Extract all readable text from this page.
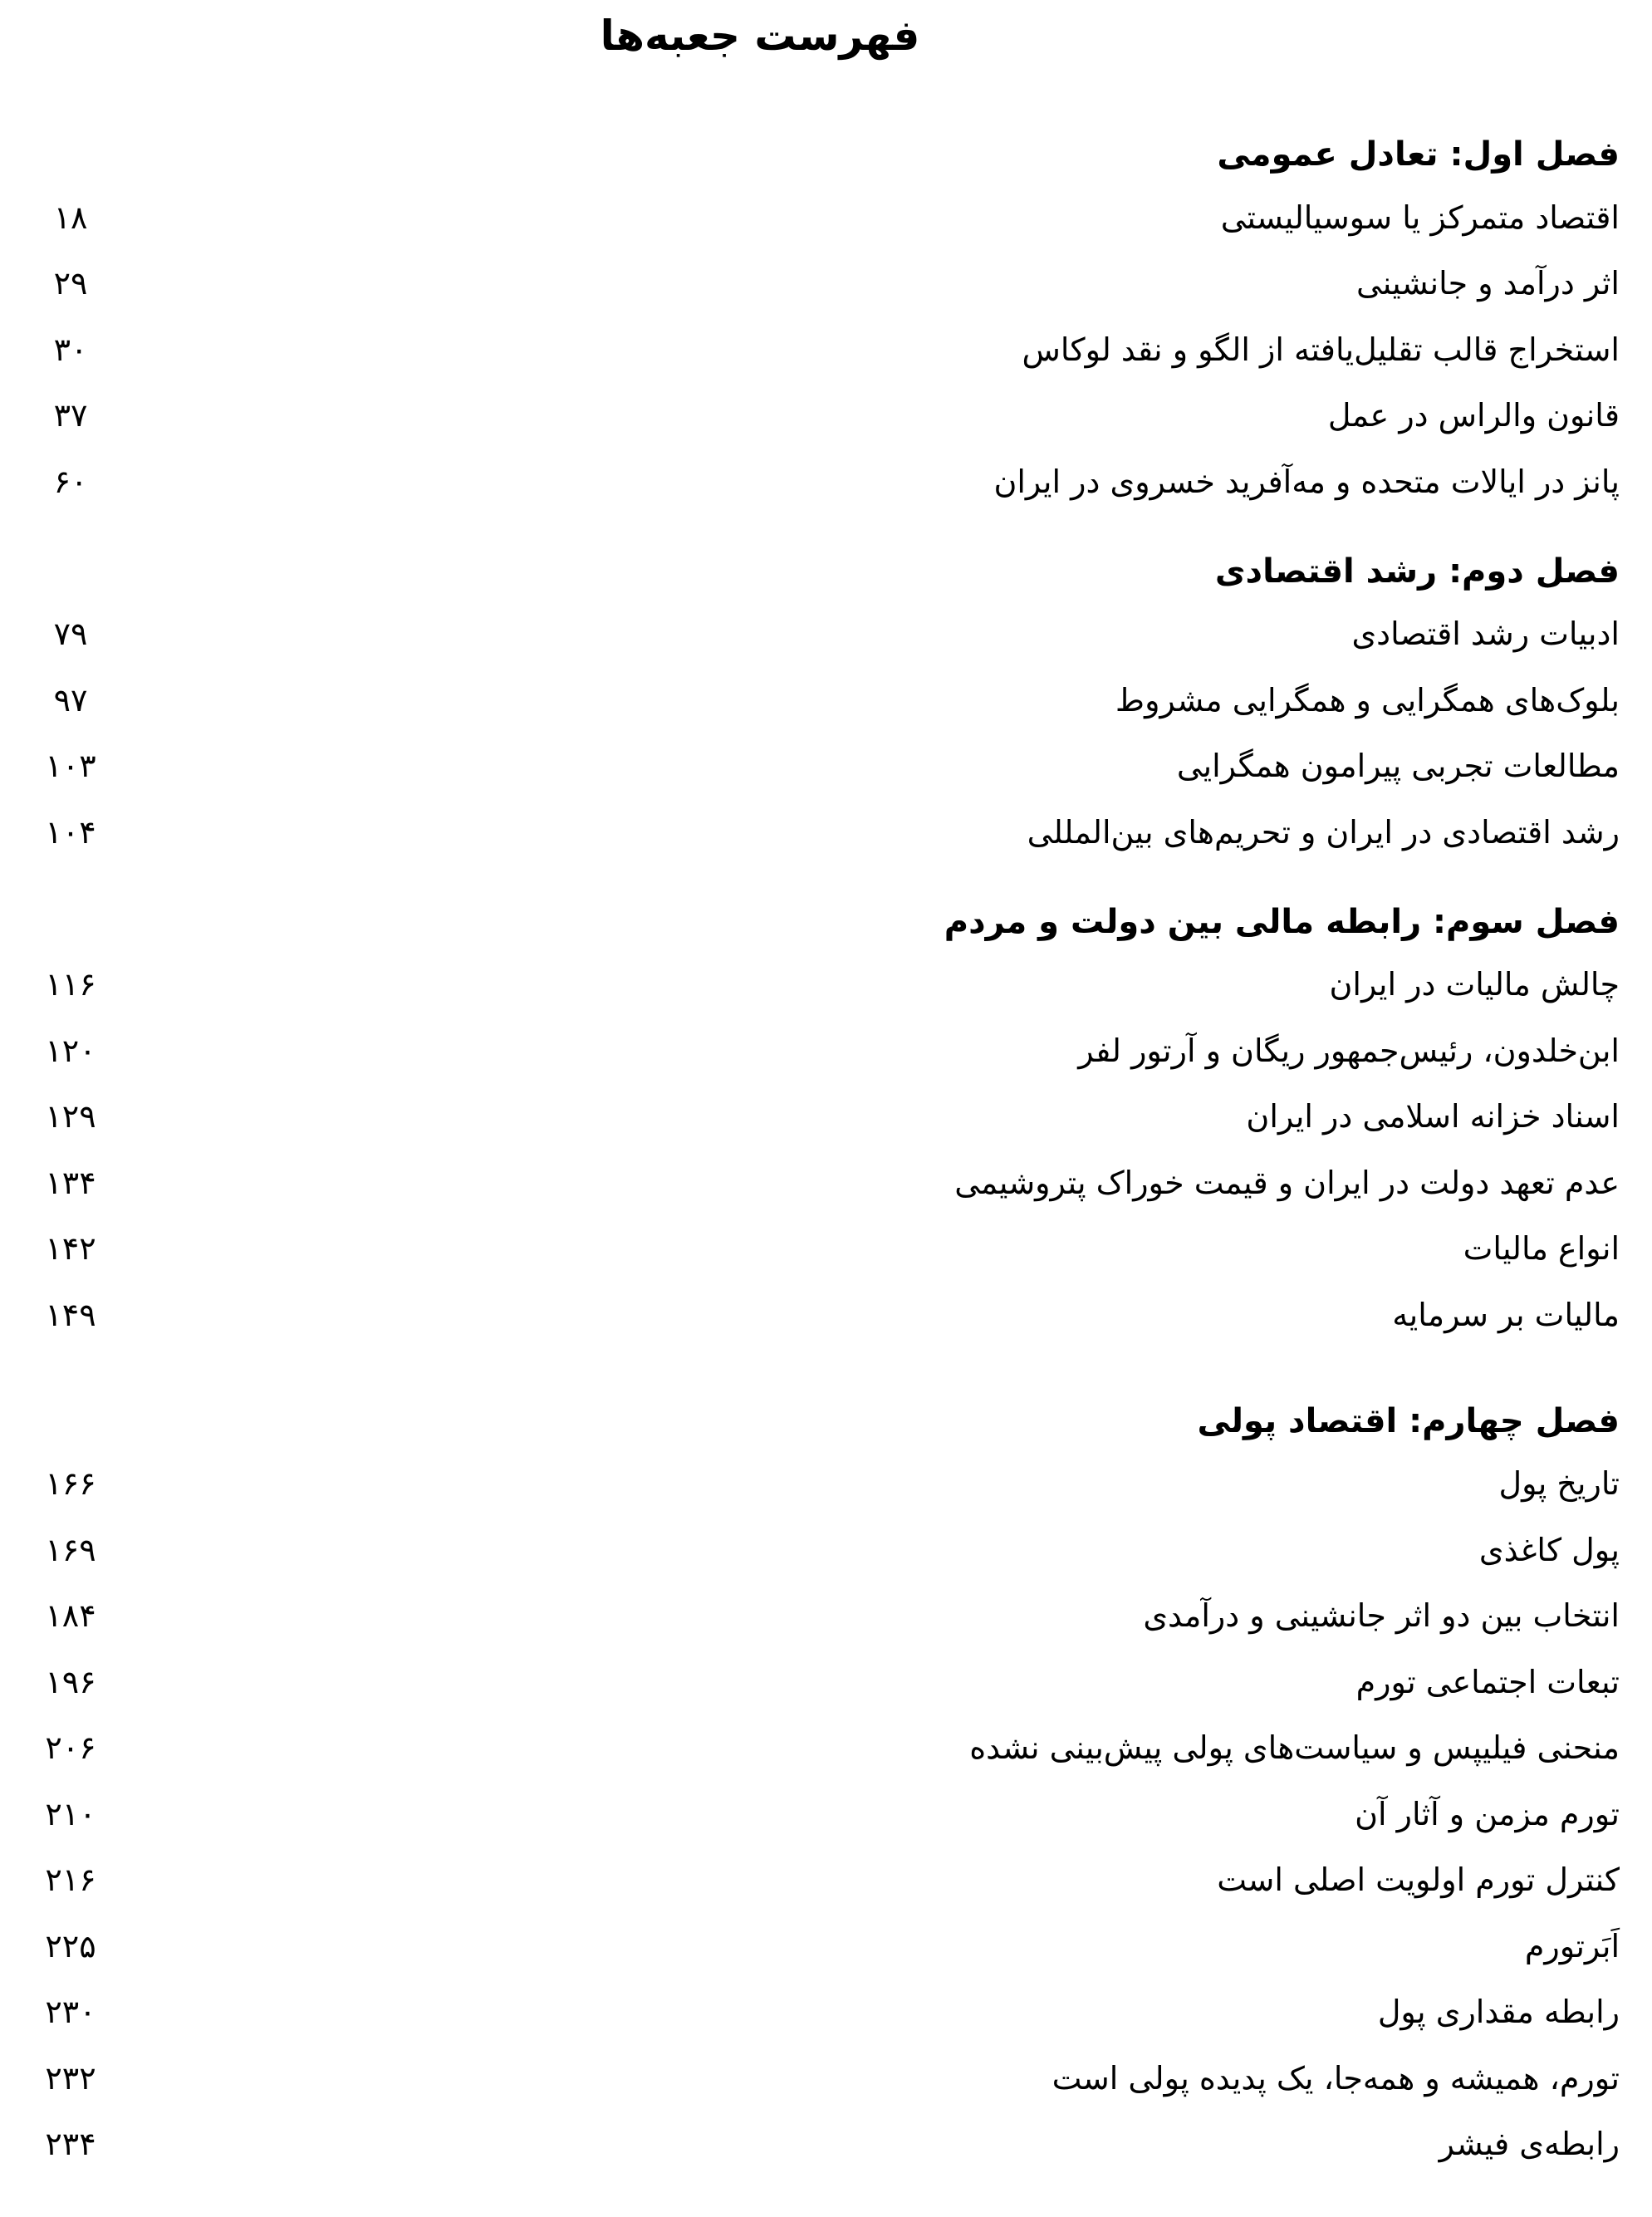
فهرست جعبه‌ها
فصل اول: تعادل عمومی
اقتصاد متمرکز یا سوسیالیستی
۱۸
اثر درآمد و جانشینی
۲۹
استخراج قالب تقلیل‌یافته از الگو و نقد لوکاس
۳۰
قانون والراس در عمل
۳۷
پانز در ایالات متحده و مه‌آفرید خسروی در ایران
۶۰
فصل دوم: رشد اقتصادی
ادبیات رشد اقتصادی
۷۹
بلوک‌های همگرایی و همگرایی مشروط
۹۷
مطالعات تجربی پیرامون همگرایی
۱۰۳
رشد اقتصادی در ایران و تحریم‌های بین‌المللی
۱۰۴
فصل سوم: رابطه مالی بین دولت و مردم
چالش مالیات در ایران
۱۱۶
ابن‌خلدون، رئیس‌جمهور ریگان و آرتور لفر
۱۲۰
اسناد خزانه اسلامی در ایران
۱۲۹
عدم تعهد دولت در ایران و قیمت خوراک پتروشیمی
۱۳۴
انواع مالیات
۱۴۲
مالیات بر سرمایه
۱۴۹
فصل چهارم: اقتصاد پولی
تاریخ پول
۱۶۶
پول کاغذی
۱۶۹
انتخاب بین دو اثر جانشینی و درآمدی
۱۸۴
تبعات اجتماعی تورم
۱۹۶
منحنی فیلیپس و سیاست‌های پولی پیش‌بینی نشده
۲۰۶
تورم مزمن و آثار آن
۲۱۰
کنترل تورم اولویت اصلی است
۲۱۶
اَبَرتورم
۲۲۵
رابطه مقداری پول
۲۳۰
تورم، همیشه و همه‌جا، یک پدیده پولی است
۲۳۲
رابطه‌ی فیشر
۲۳۴
